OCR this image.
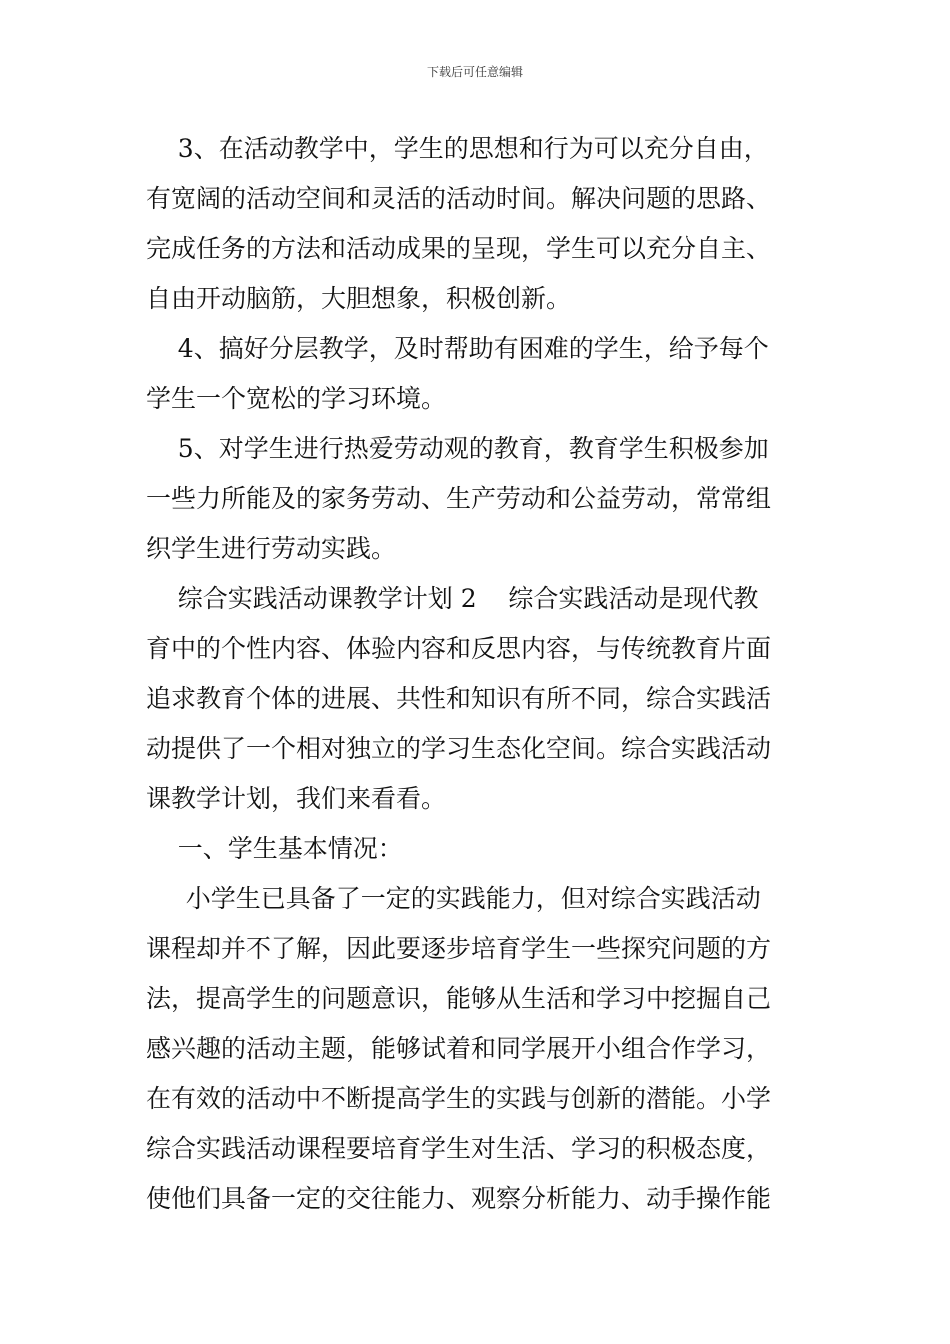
下载后可任意编辑
3、在活动教学中，学生的思想和行为可以充分自由，
有宽阔的活动空间和灵活的活动时间。解决问题的思路、
完成任务的方法和活动成果的呈现，学生可以充分自主、
自由开动脑筋，大胆想象，积极创新。
4、搞好分层教学，及时帮助有困难的学生，给予每个
学生一个宽松的学习环境。
5、对学生进行热爱劳动观的教育，教育学生积极参加
一些力所能及的家务劳动、生产劳动和公益劳动，常常组
织学生进行劳动实践。
综合实践活动课教学计划 2    综合实践活动是现代教
育中的个性内容、体验内容和反思内容，与传统教育片面
追求教育个体的进展、共性和知识有所不同，综合实践活
动提供了一个相对独立的学习生态化空间。综合实践活动
课教学计划，我们来看看。
一、学生基本情况：
小学生已具备了一定的实践能力，但对综合实践活动
课程却并不了解，因此要逐步培育学生一些探究问题的方
法，提高学生的问题意识，能够从生活和学习中挖掘自己
感兴趣的活动主题，能够试着和同学展开小组合作学习，
在有效的活动中不断提高学生的实践与创新的潜能。小学
综合实践活动课程要培育学生对生活、学习的积极态度，
使他们具备一定的交往能力、观察分析能力、动手操作能
